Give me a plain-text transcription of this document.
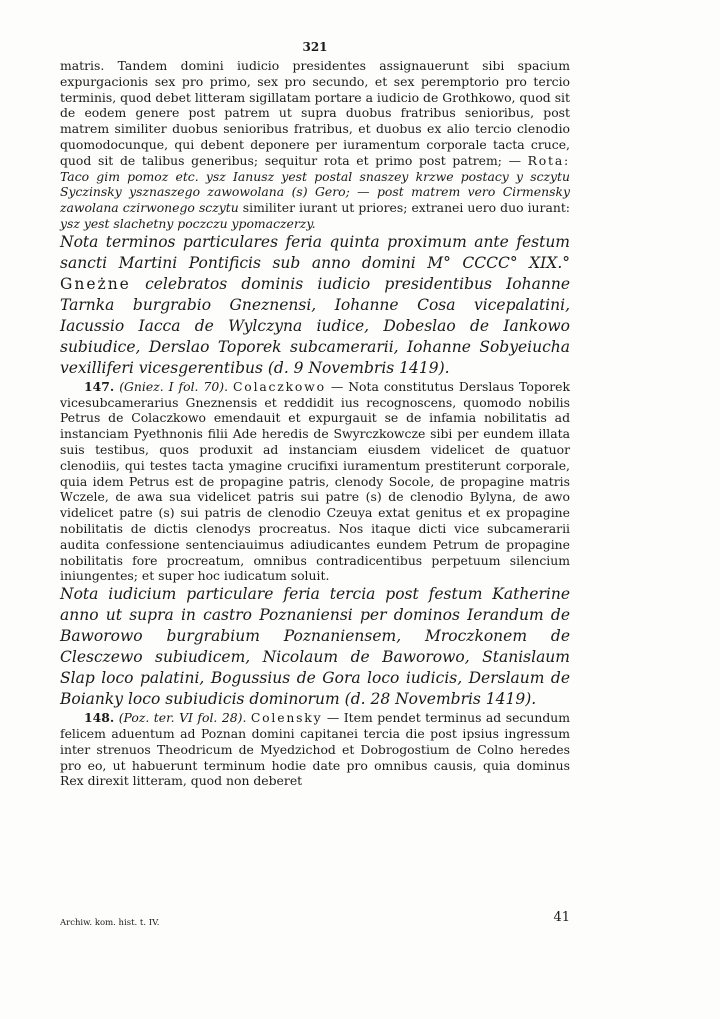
321

matris. Tandem domini iudicio presidentes assignauerunt sibi spacium expurgacionis sex pro primo, sex pro secundo, et sex peremptorio pro tercio terminis, quod debet litteram sigillatam portare a iudicio de Grothkowo, quod sit de eodem genere post patrem ut supra duobus fratribus senioribus, post matrem similiter duobus senioribus fratribus, et duobus ex alio tercio clenodio quomodocunque, qui debent deponere per iuramentum corporale tacta cruce, quod sit de talibus generibus; sequitur rota et primo post patrem; — Rota: Taco gim pomoz etc. ysz Ianusz yest postal snaszey krzwe postacy y sczytu Syczinsky ysznaszego zawowolana (s) Gero; — post matrem vero Cirmensky zawolana czirwonego sczytu similiter iurant ut priores; extranei uero duo iurant: ysz yest slachetny poczczu ypomaczerzy.

Nota terminos particulares feria quinta proximum ante festum sancti Martini Pontificis sub anno domini M° CCCC° XIX.° Gneżne celebratos dominis iudicio presidentibus Iohanne Tarnka burgrabio Gneznensi, Iohanne Cosa vicepalatini, Iacussio Iacca de Wylczyna iudice, Dobeslao de Iankowo subiudice, Derslao Toporek subcamerarii, Iohanne Sobyeiucha vexilliferi vicesgerentibus (d. 9 Novembris 1419).

147. (Gniez. I fol. 70). Colaczkowo — Nota constitutus Derslaus Toporek vicesubcamerarius Gneznensis et reddidit ius recognoscens, quomodo nobilis Petrus de Colaczkowo emendauit et expurgauit se de infamia nobilitatis ad instanciam Pyethnonis filii Ade heredis de Swyrczkowcze sibi per eundem illata suis testibus, quos produxit ad instanciam eiusdem videlicet de quatuor clenodiis, qui testes tacta ymagine crucifixi iuramentum prestiterunt corporale, quia idem Petrus est de propagine patris, clenody Socole, de propagine matris Wczele, de awa sua videlicet patris sui patre (s) de clenodio Bylyna, de awo videlicet patre (s) sui patris de clenodio Czeuya extat genitus et ex propagine nobilitatis de dictis clenodys procreatus. Nos itaque dicti vice subcamerarii audita confessione sentenciauimus adiudicantes eundem Petrum de propagine nobilitatis fore procreatum, omnibus contradicentibus perpetuum silencium iniungentes; et super hoc iudicatum soluit.

Nota iudicium particulare feria tercia post festum Katherine anno ut supra in castro Poznaniensi per dominos Ierandum de Baworowo burgrabium Poznaniensem, Mroczkonem de Clesczewo subiudicem, Nicolaum de Baworowo, Stanislaum Slap loco palatini, Bogussius de Gora loco iudicis, Derslaum de Boianky loco subiudicis dominorum (d. 28 Novembris 1419).

148. (Poz. ter. VI fol. 28). Colensky — Item pendet terminus ad secundum felicem aduentum ad Poznan domini capitanei tercia die post ipsius ingressum inter strenuos Theodricum de Myedzichod et Dobrogostium de Colno heredes pro eo, ut habuerunt terminum hodie date pro omnibus causis, quia dominus Rex direxit litteram, quod non deberet

Archiw. kom. hist. t. IV.	41
